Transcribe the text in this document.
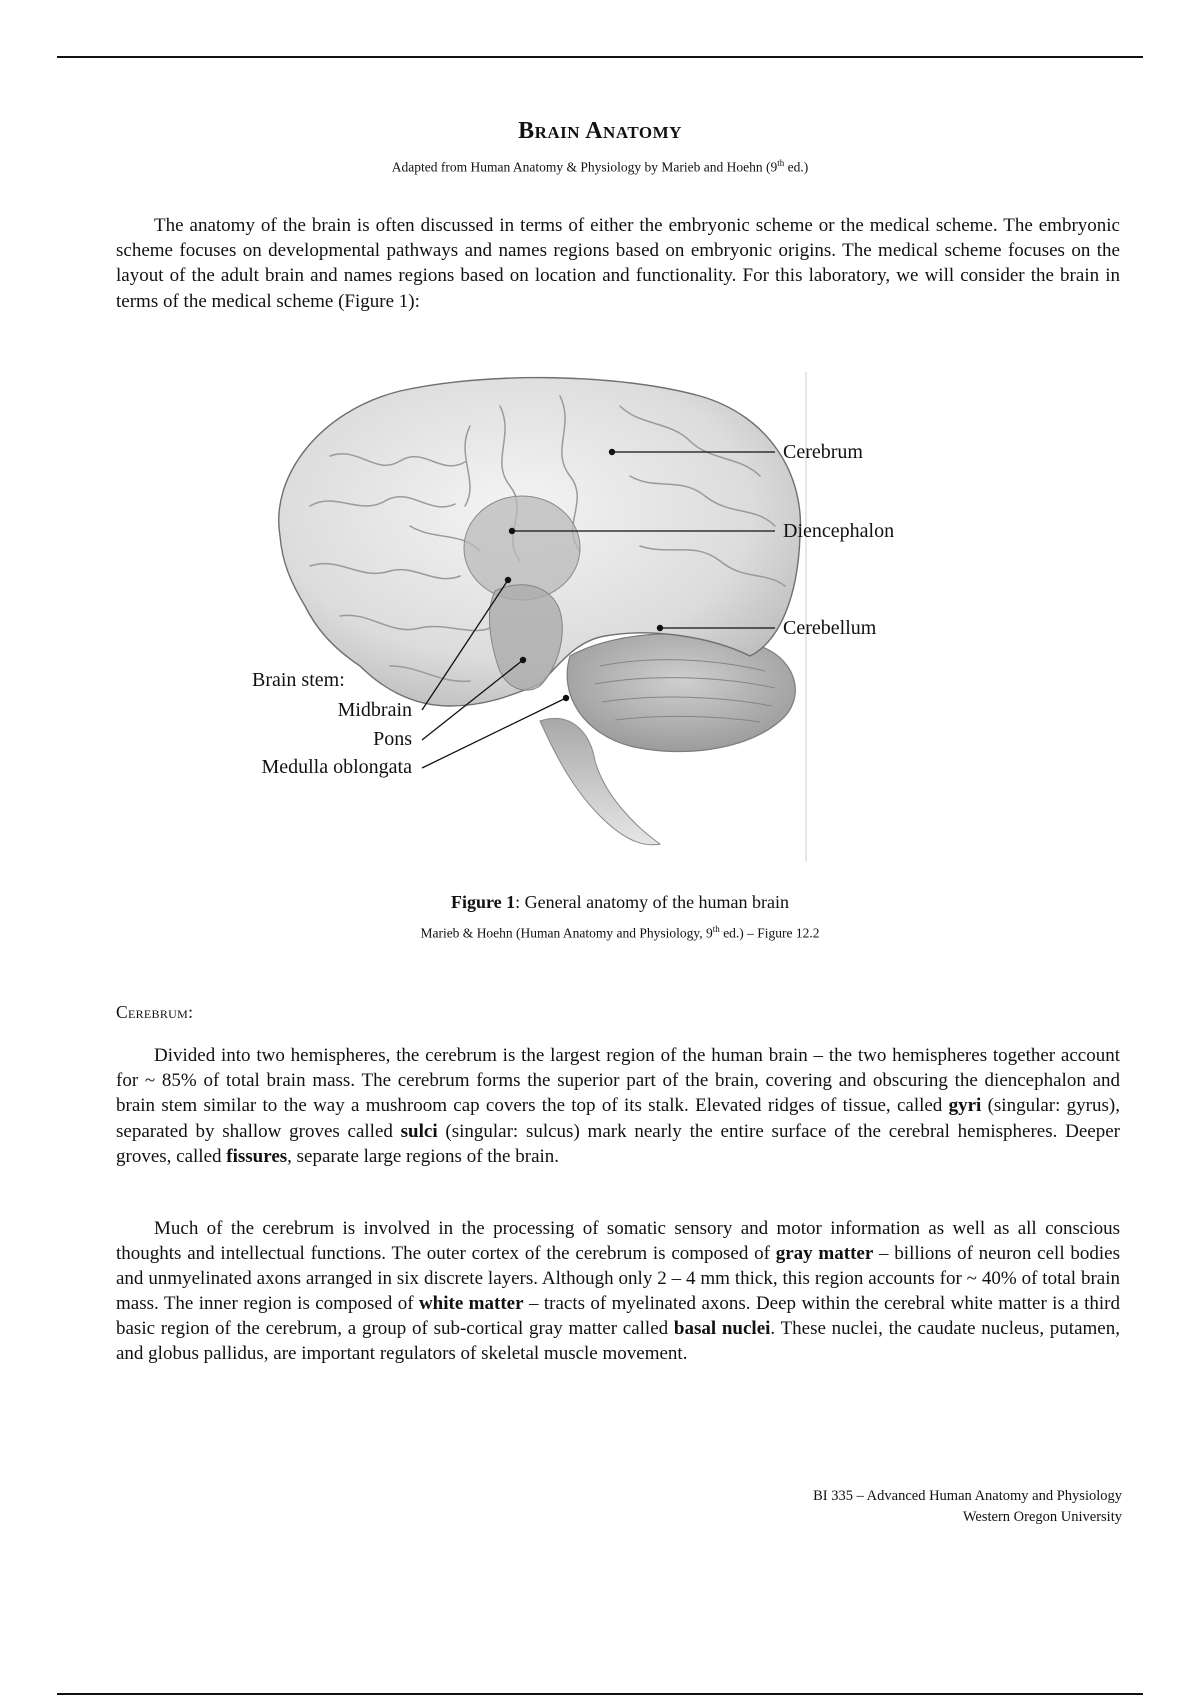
Brain Anatomy
Adapted from Human Anatomy & Physiology by Marieb and Hoehn (9th ed.)

The anatomy of the brain is often discussed in terms of either the embryonic scheme or the medical scheme. The embryonic scheme focuses on developmental pathways and names regions based on embryonic origins. The medical scheme focuses on the layout of the adult brain and names regions based on location and functionality. For this laboratory, we will consider the brain in terms of the medical scheme (Figure 1):

Cerebrum
Diencephalon
Cerebellum
Brain stem:
Midbrain
Pons
Medulla oblongata
Figure 1: General anatomy of the human brain
Marieb & Hoehn (Human Anatomy and Physiology, 9th ed.) – Figure 12.2
Cerebrum:

Divided into two hemispheres, the cerebrum is the largest region of the human brain – the two hemispheres together account for ~ 85% of total brain mass. The cerebrum forms the superior part of the brain, covering and obscuring the diencephalon and brain stem similar to the way a mushroom cap covers the top of its stalk. Elevated ridges of tissue, called gyri (singular: gyrus), separated by shallow groves called sulci (singular: sulcus) mark nearly the entire surface of the cerebral hemispheres. Deeper groves, called fissures, separate large regions of the brain.

Much of the cerebrum is involved in the processing of somatic sensory and motor information as well as all conscious thoughts and intellectual functions. The outer cortex of the cerebrum is composed of gray matter – billions of neuron cell bodies and unmyelinated axons arranged in six discrete layers. Although only 2 – 4 mm thick, this region accounts for ~ 40% of total brain mass. The inner region is composed of white matter – tracts of myelinated axons. Deep within the cerebral white matter is a third basic region of the cerebrum, a group of sub-cortical gray matter called basal nuclei. These nuclei, the caudate nucleus, putamen, and globus pallidus, are important regulators of skeletal muscle movement.

BI 335 – Advanced Human Anatomy and Physiology
Western Oregon University
